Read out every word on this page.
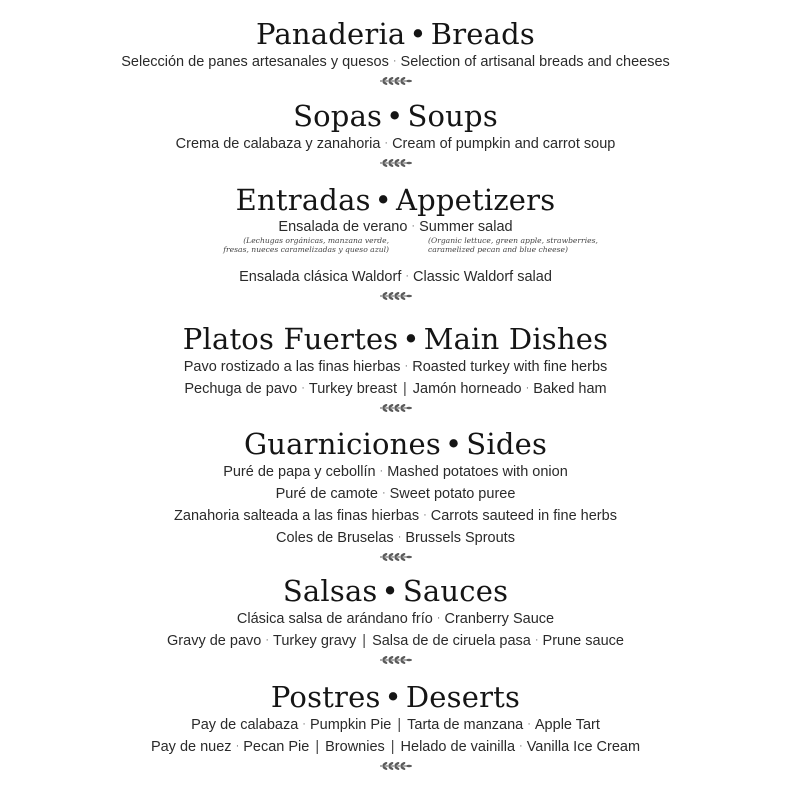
Panaderia • Breads
Selección de panes artesanales y quesos · Selection of artisanal breads and cheeses
Sopas • Soups
Crema de calabaza y zanahoria · Cream of pumpkin and carrot soup
Entradas • Appetizers
Ensalada de verano · Summer salad
(Lechugas orgánicas, manzana verde,
fresas, nueces caramelizadas y queso azul)
(Organic lettuce, green apple, strawberries,
caramelized pecan and blue cheese)
Ensalada clásica Waldorf · Classic Waldorf salad
Platos Fuertes • Main Dishes
Pavo rostizado a las finas hierbas · Roasted turkey with fine herbs
Pechuga de pavo · Turkey breast | Jamón horneado · Baked ham
Guarniciones • Sides
Puré de papa y cebollín · Mashed potatoes with onion
Puré de camote · Sweet potato puree
Zanahoria salteada a las finas hierbas · Carrots sauteed in fine herbs
Coles de Bruselas · Brussels Sprouts
Salsas • Sauces
Clásica salsa de arándano frío · Cranberry Sauce
Gravy de pavo · Turkey gravy | Salsa de de ciruela pasa · Prune sauce
Postres • Deserts
Pay de calabaza · Pumpkin Pie | Tarta de manzana · Apple Tart
Pay de nuez · Pecan Pie | Brownies | Helado de vainilla · Vanilla Ice Cream
